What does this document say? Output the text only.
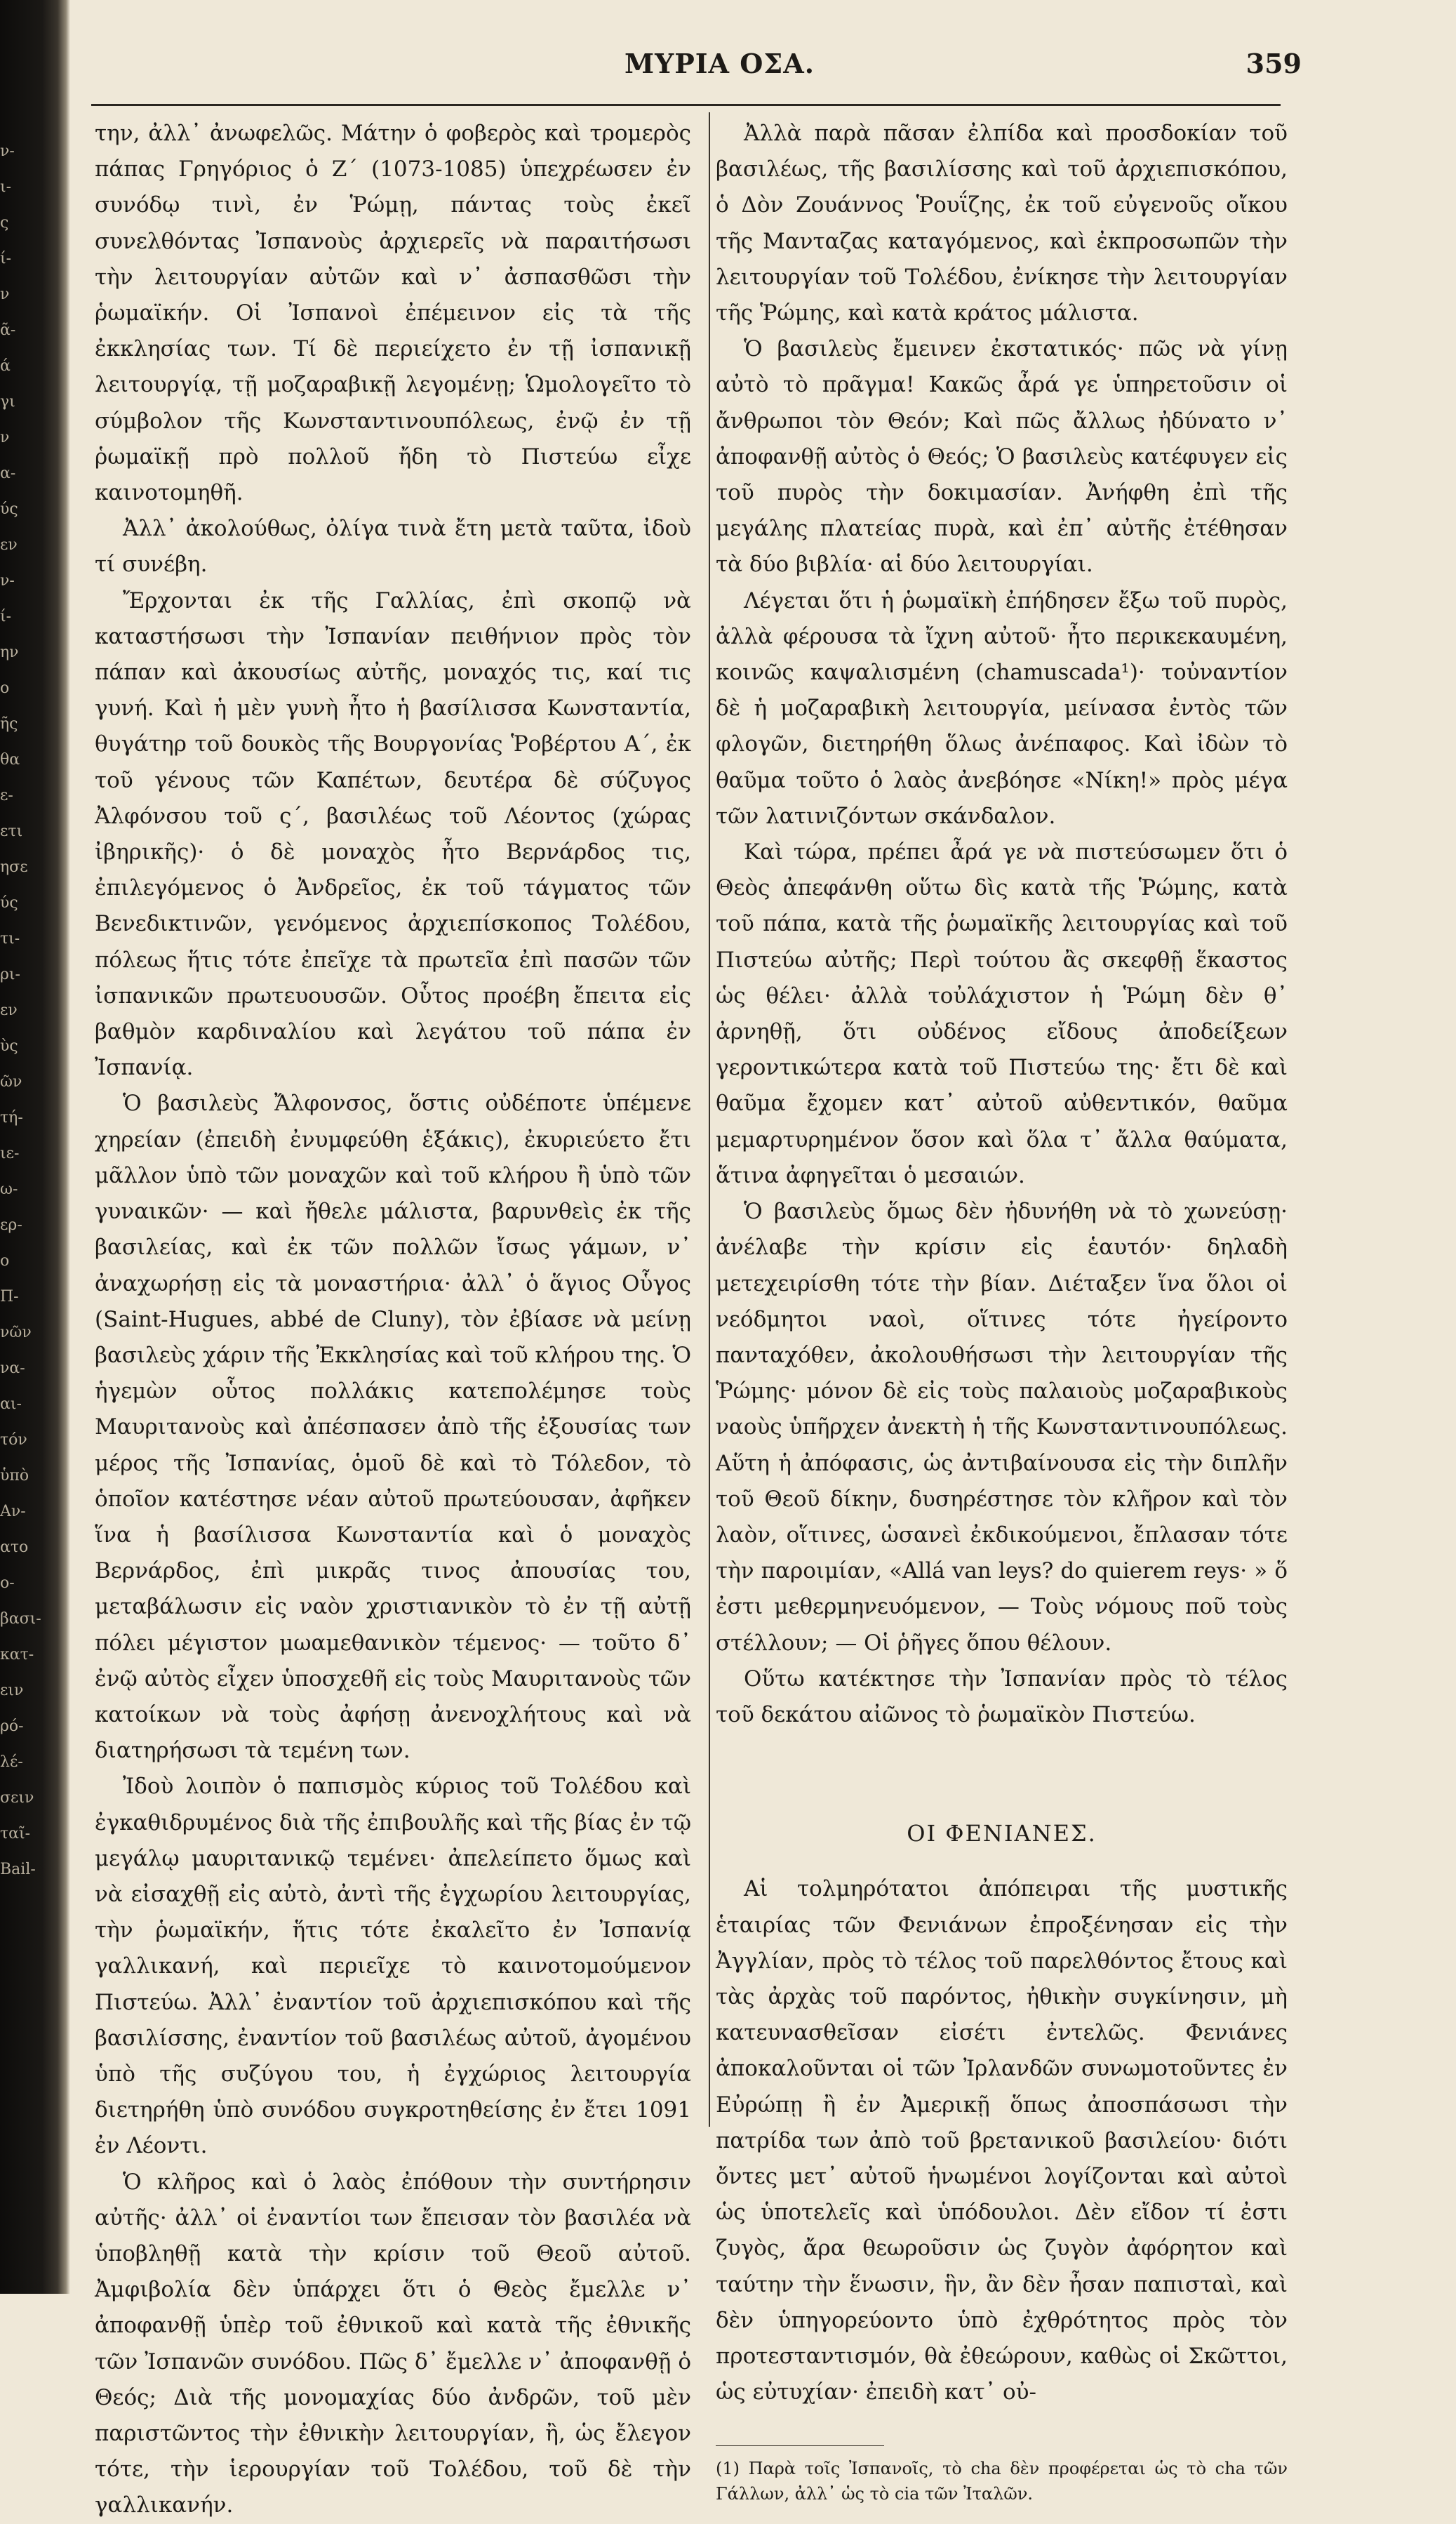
ν-
ι-
ς
ί-
ν
ᾶ-
ά
γι
ν
α-
ύς
εν
ν-
ί-
ην
ο
ῆς
θα
ε-
ετι
ησε
ύς
τι-
ρι-
εν
ὺς
ῶν
τή-
ιε-
ω-
ερ-
ο
Π-
νῶν
να-
αι-
τόν
ὑπὸ
Αν-
ατο
ο-
βασι-
κατ-
ειν
ρό-
λέ-
σειν
ταῖ-
Bail-
ΜΥΡΙΑ ΟΣΑ.	359

την, ἀλλ᾽ ἀνωφελῶς. Μάτην ὁ φοβερὸς καὶ τρομερὸς πάπας Γρηγόριος ὁ Ζ´ (1073-1085) ὑπεχρέωσεν ἐν συνόδῳ τινὶ, ἐν Ῥώμῃ, πάντας τοὺς ἐκεῖ συνελθόντας Ἰσπανοὺς ἀρχιερεῖς νὰ παραιτήσωσι τὴν λειτουργίαν αὐτῶν καὶ ν᾽ ἀσπασθῶσι τὴν ῥωμαϊκήν. Οἱ Ἰσπανοὶ ἐπέμεινον εἰς τὰ τῆς ἐκκλησίας των. Τί δὲ περιείχετο ἐν τῇ ἰσπανικῇ λειτουργίᾳ, τῇ μοζαραβικῇ λεγομένῃ; Ὡμολογεῖτο τὸ σύμβολον τῆς Κωνσταντινουπόλεως, ἐνῷ ἐν τῇ ῥωμαϊκῇ πρὸ πολλοῦ ἤδη τὸ Πιστεύω εἶχε καινοτομηθῆ.

Ἀλλ᾽ ἀκολούθως, ὀλίγα τινὰ ἔτη μετὰ ταῦτα, ἰδοὺ τί συνέβη.

Ἔρχονται ἐκ τῆς Γαλλίας, ἐπὶ σκοπῷ νὰ καταστήσωσι τὴν Ἰσπανίαν πειθήνιον πρὸς τὸν πάπαν καὶ ἀκουσίως αὐτῆς, μοναχός τις, καί τις γυνή. Καὶ ἡ μὲν γυνὴ ἦτο ἡ βασίλισσα Κωνσταντία, θυγάτηρ τοῦ δουκὸς τῆς Βουργονίας Ῥοβέρτου Α´, ἐκ τοῦ γένους τῶν Καπέτων, δευτέρα δὲ σύζυγος Ἀλφόνσου τοῦ ς´, βασιλέως τοῦ Λέοντος (χώρας ἰβηρικῆς)· ὁ δὲ μοναχὸς ἦτο Βερνάρδος τις, ἐπιλεγόμενος ὁ Ἀνδρεῖος, ἐκ τοῦ τάγματος τῶν Βενεδικτινῶν, γενόμενος ἀρχιεπίσκοπος Τολέδου, πόλεως ἥτις τότε ἐπεῖχε τὰ πρωτεῖα ἐπὶ πασῶν τῶν ἰσπανικῶν πρωτευουσῶν. Οὗτος προέβη ἔπειτα εἰς βαθμὸν καρδιναλίου καὶ λεγάτου τοῦ πάπα ἐν Ἰσπανίᾳ.

Ὁ βασιλεὺς Ἄλφονσος, ὅστις οὐδέποτε ὑπέμενε χηρείαν (ἐπειδὴ ἐνυμφεύθη ἑξάκις), ἐκυριεύετο ἔτι μᾶλλον ὑπὸ τῶν μοναχῶν καὶ τοῦ κλήρου ἢ ὑπὸ τῶν γυναικῶν· — καὶ ἤθελε μάλιστα, βαρυνθεὶς ἐκ τῆς βασιλείας, καὶ ἐκ τῶν πολλῶν ἴσως γάμων, ν᾽ ἀναχωρήσῃ εἰς τὰ μοναστήρια· ἀλλ᾽ ὁ ἅγιος Οὗγος (Saint-Hugues, abbé de Cluny), τὸν ἐβίασε νὰ μείνῃ βασιλεὺς χάριν τῆς Ἐκκλησίας καὶ τοῦ κλήρου της. Ὁ ἡγεμὼν οὗτος πολλάκις κατεπολέμησε τοὺς Μαυριτανοὺς καὶ ἀπέσπασεν ἀπὸ τῆς ἐξουσίας των μέρος τῆς Ἰσπανίας, ὁμοῦ δὲ καὶ τὸ Τόλεδον, τὸ ὁποῖον κατέστησε νέαν αὐτοῦ πρωτεύουσαν, ἀφῆκεν ἵνα ἡ βασίλισσα Κωνσταντία καὶ ὁ μοναχὸς Βερνάρδος, ἐπὶ μικρᾶς τινος ἀπουσίας του, μεταβάλωσιν εἰς ναὸν χριστιανικὸν τὸ ἐν τῇ αὐτῇ πόλει μέγιστον μωαμεθανικὸν τέμενος· — τοῦτο δ᾽ ἐνῷ αὐτὸς εἶχεν ὑποσχεθῆ εἰς τοὺς Μαυριτανοὺς τῶν κατοίκων νὰ τοὺς ἀφήσῃ ἀνενοχλήτους καὶ νὰ διατηρήσωσι τὰ τεμένη των.

Ἰδοὺ λοιπὸν ὁ παπισμὸς κύριος τοῦ Τολέδου καὶ ἐγκαθιδρυμένος διὰ τῆς ἐπιβουλῆς καὶ τῆς βίας ἐν τῷ μεγάλῳ μαυριτανικῷ τεμένει· ἀπελείπετο ὅμως καὶ νὰ εἰσαχθῇ εἰς αὐτὸ, ἀντὶ τῆς ἐγχωρίου λειτουργίας, τὴν ῥωμαϊκήν, ἥτις τότε ἐκαλεῖτο ἐν Ἰσπανίᾳ γαλλικανή, καὶ περιεῖχε τὸ καινοτομούμενον Πιστεύω. Ἀλλ᾽ ἐναντίον τοῦ ἀρχιεπισκόπου καὶ τῆς βασιλίσσης, ἐναντίον τοῦ βασιλέως αὐτοῦ, ἀγομένου ὑπὸ τῆς συζύγου του, ἡ ἐγχώριος λειτουργία διετηρήθη ὑπὸ συνόδου συγκροτηθείσης ἐν ἔτει 1091 ἐν Λέοντι.

Ὁ κλῆρος καὶ ὁ λαὸς ἐπόθουν τὴν συντήρησιν αὐτῆς· ἀλλ᾽ οἱ ἐναντίοι των ἔπεισαν τὸν βασιλέα νὰ ὑποβληθῇ κατὰ τὴν κρίσιν τοῦ Θεοῦ αὐτοῦ. Ἀμφιβολία δὲν ὑπάρχει ὅτι ὁ Θεὸς ἔμελλε ν᾽ ἀποφανθῇ ὑπὲρ τοῦ ἐθνικοῦ καὶ κατὰ τῆς ἐθνικῆς τῶν Ἰσπανῶν συνόδου. Πῶς δ᾽ ἔμελλε ν᾽ ἀποφανθῇ ὁ Θεός; Διὰ τῆς μονομαχίας δύο ἀνδρῶν, τοῦ μὲν παριστῶντος τὴν ἐθνικὴν λειτουργίαν, ἢ, ὡς ἔλεγον τότε, τὴν ἱερουργίαν τοῦ Τολέδου, τοῦ δὲ τὴν γαλλικανήν.

Ἀλλὰ παρὰ πᾶσαν ἐλπίδα καὶ προσδοκίαν τοῦ βασιλέως, τῆς βασιλίσσης καὶ τοῦ ἀρχιεπισκόπου, ὁ Δὸν Ζουάννος Ῥουΐζης, ἐκ τοῦ εὐγενοῦς οἴκου τῆς Μανταζας καταγόμενος, καὶ ἐκπροσωπῶν τὴν λειτουργίαν τοῦ Τολέδου, ἐνίκησε τὴν λειτουργίαν τῆς Ῥώμης, καὶ κατὰ κράτος μάλιστα.

Ὁ βασιλεὺς ἔμεινεν ἐκστατικός· πῶς νὰ γίνῃ αὐτὸ τὸ πρᾶγμα! Κακῶς ἆρά γε ὑπηρετοῦσιν οἱ ἄνθρωποι τὸν Θεόν; Καὶ πῶς ἄλλως ἠδύνατο ν᾽ ἀποφανθῇ αὐτὸς ὁ Θεός; Ὁ βασιλεὺς κατέφυγεν εἰς τοῦ πυρὸς τὴν δοκιμασίαν. Ἀνήφθη ἐπὶ τῆς μεγάλης πλατείας πυρὰ, καὶ ἐπ᾽ αὐτῆς ἐτέθησαν τὰ δύο βιβλία· αἱ δύο λειτουργίαι.

Λέγεται ὅτι ἡ ῥωμαϊκὴ ἐπήδησεν ἔξω τοῦ πυρὸς, ἀλλὰ φέρουσα τὰ ἴχνη αὐτοῦ· ἦτο περικεκαυμένη, κοινῶς καψαλισμένη (chamuscada¹)· τοὐναντίον δὲ ἡ μοζαραβικὴ λειτουργία, μείνασα ἐντὸς τῶν φλογῶν, διετηρήθη ὅλως ἀνέπαφος. Καὶ ἰδὼν τὸ θαῦμα τοῦτο ὁ λαὸς ἀνεβόησε «Νίκη!» πρὸς μέγα τῶν λατινιζόντων σκάνδαλον.

Καὶ τώρα, πρέπει ἆρά γε νὰ πιστεύσωμεν ὅτι ὁ Θεὸς ἀπεφάνθη οὕτω δὶς κατὰ τῆς Ῥώμης, κατὰ τοῦ πάπα, κατὰ τῆς ῥωμαϊκῆς λειτουργίας καὶ τοῦ Πιστεύω αὐτῆς; Περὶ τούτου ἂς σκεφθῇ ἕκαστος ὡς θέλει· ἀλλὰ τοὐλάχιστον ἡ Ῥώμη δὲν θ᾽ ἀρνηθῇ, ὅτι οὐδένος εἴδους ἀποδείξεων γεροντικώτερα κατὰ τοῦ Πιστεύω της· ἔτι δὲ καὶ θαῦμα ἔχομεν κατ᾽ αὐτοῦ αὐθεντικόν, θαῦμα μεμαρτυρημένον ὅσον καὶ ὅλα τ᾽ ἄλλα θαύματα, ἅτινα ἀφηγεῖται ὁ μεσαιών.

Ὁ βασιλεὺς ὅμως δὲν ἠδυνήθη νὰ τὸ χωνεύσῃ· ἀνέλαβε τὴν κρίσιν εἰς ἑαυτόν· δηλαδὴ μετεχειρίσθη τότε τὴν βίαν. Διέταξεν ἵνα ὅλοι οἱ νεόδμητοι ναοὶ, οἵτινες τότε ἠγείροντο πανταχόθεν, ἀκολουθήσωσι τὴν λειτουργίαν τῆς Ῥώμης· μόνον δὲ εἰς τοὺς παλαιοὺς μοζαραβικοὺς ναοὺς ὑπῆρχεν ἀνεκτὴ ἡ τῆς Κωνσταντινουπόλεως. Αὕτη ἡ ἀπόφασις, ὡς ἀντιβαίνουσα εἰς τὴν διπλῆν τοῦ Θεοῦ δίκην, δυσηρέστησε τὸν κλῆρον καὶ τὸν λαὸν, οἵτινες, ὡσανεὶ ἐκδικούμενοι, ἔπλασαν τότε τὴν παροιμίαν, «Allá van leys? do quierem reys· » ὅ ἐστι μεθερμηνευόμενον, — Τοὺς νόμους ποῦ τοὺς στέλλουν; — Οἱ ῥῆγες ὅπου θέλουν.

Οὕτω κατέκτησε τὴν Ἰσπανίαν πρὸς τὸ τέλος τοῦ δεκάτου αἰῶνος τὸ ῥωμαϊκὸν Πιστεύω.

ΟΙ ΦΕΝΙΑΝΕΣ.

Αἱ τολμηρότατοι ἀπόπειραι τῆς μυστικῆς ἑταιρίας τῶν Φενιάνων ἐπροξένησαν εἰς τὴν Ἀγγλίαν, πρὸς τὸ τέλος τοῦ παρελθόντος ἔτους καὶ τὰς ἀρχὰς τοῦ παρόντος, ἠθικὴν συγκίνησιν, μὴ κατευνασθεῖσαν εἰσέτι ἐντελῶς. Φενιάνες ἀποκαλοῦνται οἱ τῶν Ἰρλανδῶν συνωμοτοῦντες ἐν Εὐρώπῃ ἢ ἐν Ἀμερικῇ ὅπως ἀποσπάσωσι τὴν πατρίδα των ἀπὸ τοῦ βρετανικοῦ βασιλείου· διότι ὄντες μετ᾽ αὐτοῦ ἡνωμένοι λογίζονται καὶ αὐτοὶ ὡς ὑποτελεῖς καὶ ὑπόδουλοι. Δὲν εἴδον τί ἐστι ζυγὸς, ἄρα θεωροῦσιν ὡς ζυγὸν ἀφόρητον καὶ ταύτην τὴν ἕνωσιν, ἣν, ἂν δὲν ἦσαν παπισταὶ, καὶ δὲν ὑπηγορεύοντο ὑπὸ ἐχθρότητος πρὸς τὸν προτεσταντισμόν, θὰ ἐθεώρουν, καθὼς οἱ Σκῶττοι, ὡς εὐτυχίαν· ἐπειδὴ κατ᾽ οὐ-

(1) Παρὰ τοῖς Ἰσπανοῖς, τὸ cha δὲν προφέρεται ὡς τὸ cha τῶν Γάλλων, ἀλλ᾽ ὡς τὸ cia τῶν Ἰταλῶν.
